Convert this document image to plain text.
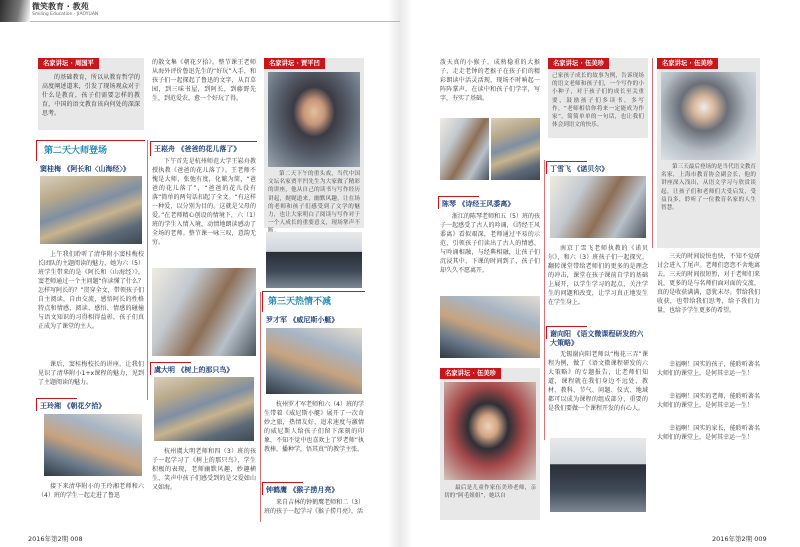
微笑教育 · 教苑
Smiling Education · JIAOYUAN
名家讲坛 · 周国平

的基础教育，所以从教育哲学的高度阐述道来，引发了现场观众对于什么是教育，孩子们需要怎样的教育，中国的语文教育该向何处的深深思考。

第二天大师登场
窦桂梅 《阿长和〈山海经〉》

上午我们聆听了清华附小窦桂梅校长团队的主题阅读的魅力，她为六（5）班学生带来的是《阿长和〈山海经〉》。窦老师通过一个主问题“你读懂了什么？怎样写阿长的？”贯穿全文，带领孩子们自主阅读，自由交流，感悟阿长的性格特点和情感，阅读、感悟、情感的碰撞与语文知识的习得相得益彰，孩子们真正成为了课堂的主人。

课后，窦桂梅校长的讲座，让我们见识了清华附小1+x课程的魅力，见到了主题阅读的魅力。

王玲湘 《朝花夕拾》

接下来清华附小的王玲湘老师和六（4）班的学生一起走进了鲁迅

的散文集《朝花夕拾》。整节课王老师从海外评价鲁迅先生的“好玩”入手，和孩子们一起探起了鲁迅的文字，从百草园，到三味书屋，到阿长，到藤野先生，到范爱农，愈一个好玩了得。

王崧舟 《爸爸的花儿落了》

下午首先是杭州师范大学王崧舟教授执教《爸爸的花儿落了》。王老师不愧是大师，张弛有度，化繁为简，“爸爸的花儿落了”，“爸爸的花儿没有落”简单的两句话扣起了全文。“有这样一种爱，以分别为目的。这就是父母的爱。”在老师精心创设的情境下，六（1）班的学生入情入境，动情地朗读感动了全场的老师。整节课一咏三叹，意韵无穷。

虞大明 《树上的那只鸟》

杭州虞大明老师和四（3）班的孩子一起学习了《树上的那只鸟》，学生积极的表现，老师幽默风趣，妙趣横生，笑声中孩子们感受到的是父爱如山又如海。

名家讲坛 · 贾平凹

第二天下午的重头戏，当代中国文坛名家贾平凹先生为大家做了精彩的讲座，他从自己的读书与写作经历讲起，娓娓道来，幽默风趣，让在场的老师和孩子们感受到了文学的魅力，也让大家明白了阅读与写作对于一个人成长的重要意义，现场掌声不

第三天热情不减
罗才军 《威尼斯小艇》

杭州罗才军老师和六（4）班的学生带着《威尼斯小艇》展开了一次奇妙之旅，热情友好，追求速度与激情的威尼斯人给孩子们留下深刻的印象，不知不觉中也喜欢上了罗老师“执教棒，播种学，悟其真”的教学主张。

钟鹤鹰 《猴子捞月亮》

来自吉林的钟鹤鹰老师和二（3）班的孩子一起学习《猴子捞月亮》，活

2016年第2期 008

泼天真的小猴子，成熟稳重的大猴子，走走老钟的老猴子在孩子们的精彩朗读中活灵活现，现场不时响起一阵阵掌声，在读中和孩子们学字，写字，夯实了基础。

陈琴 《诗经王风黍离》

浙江的陈琴老师和五（5）班的孩子一起感受了古人的吟诵，《诗经王风黍离》看似艰深，老师通过平易的示范，引领孩子们读出了古人的情感，与吟诵相融，与经典相融，让孩子们沉浸其中，下课的时间到了，孩子们却久久不愿离开。

名家讲坛 · 伍美珍

最后是儿童作家伍美珍老师，亲切的“阿毛姐姐”，她以自

名家讲坛 · 伍美珍

己家孩子成长的故事为例，告诉现场的语文老师和孩子们，一个写作的小小种子，对于孩子们的成长至关重要，鼓励孩子们多读书，多写作，“老师相信你将来一定能成为作家”，简简单单的一句话，也让我们体会到语文的快乐。

丁雪飞 《诺贝尔》

南京丁雪飞老师执教的《诺贝尔》，和六（3）班孩子们一起探究，翻转课堂带给老师们的更多的是理念的冲击，课堂在孩子课前自学的基础上展开，以学生学习的起点，关注学生的问题和改变，让学习真正地发生在学生身上。

谢向阳 《语文微课程研发的六大策略》

无锡谢向阳老师以“梅花三弄”课程为例，做了《语文微课程研发的六大策略》的专题报告，让老师们知道，课程就在我们身边不远处，教材、教科、节气、问题、仪式、地域都可以成为课程的组成部分，重要的是我们要做一个课程开发的有心人。

名家讲坛 · 伍美珍

第三天最后登场的是当代语文教育名家，上海市教育协会副会长，他的讲座深入浅出，从语文学习与欣赏谈起，让孩子们和老师们大受启发，受益良多，聆听了一位教育名家的人生智慧。

三天的时间说快也快，不知不觉研讨会进入了尾声。老师们恋恋不舍地离去。三天的时间很短暂，对于老师们来说，更多的是与名师们面对面的交流，真的是收获满满，意犹未尽。带给我们收获，也带给我们思考，给予我们力量，也给予学生更多的希望。

幸福啊！国实的孩子，能聆听著名大师们的课堂上，是何其幸运一生！

幸福啊！国实的老师，能聆听著名大师们的课堂上，是何其幸运一生！

幸福啊！国实的家长，能聆听著名大师们的课堂上，是何其幸运一生！

2016年第2期 009
